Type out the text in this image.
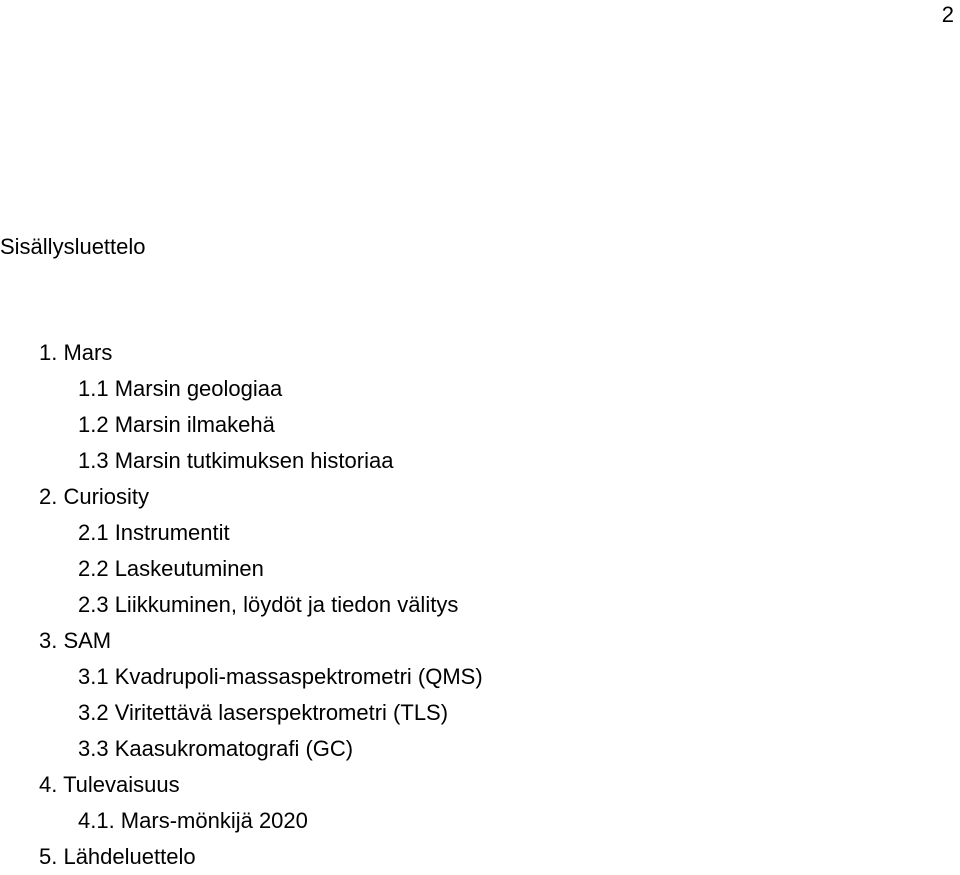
2
Sisällysluettelo
1. Mars
1.1 Marsin geologiaa
1.2 Marsin ilmakehä
1.3 Marsin tutkimuksen historiaa
2. Curiosity
2.1 Instrumentit
2.2 Laskeutuminen
2.3 Liikkuminen, löydöt ja tiedon välitys
3. SAM
3.1 Kvadrupoli-massaspektrometri (QMS)
3.2 Viritettävä laserspektrometri (TLS)
3.3 Kaasukromatografi (GC)
4. Tulevaisuus
4.1. Mars-mönkijä 2020
5. Lähdeluettelo
